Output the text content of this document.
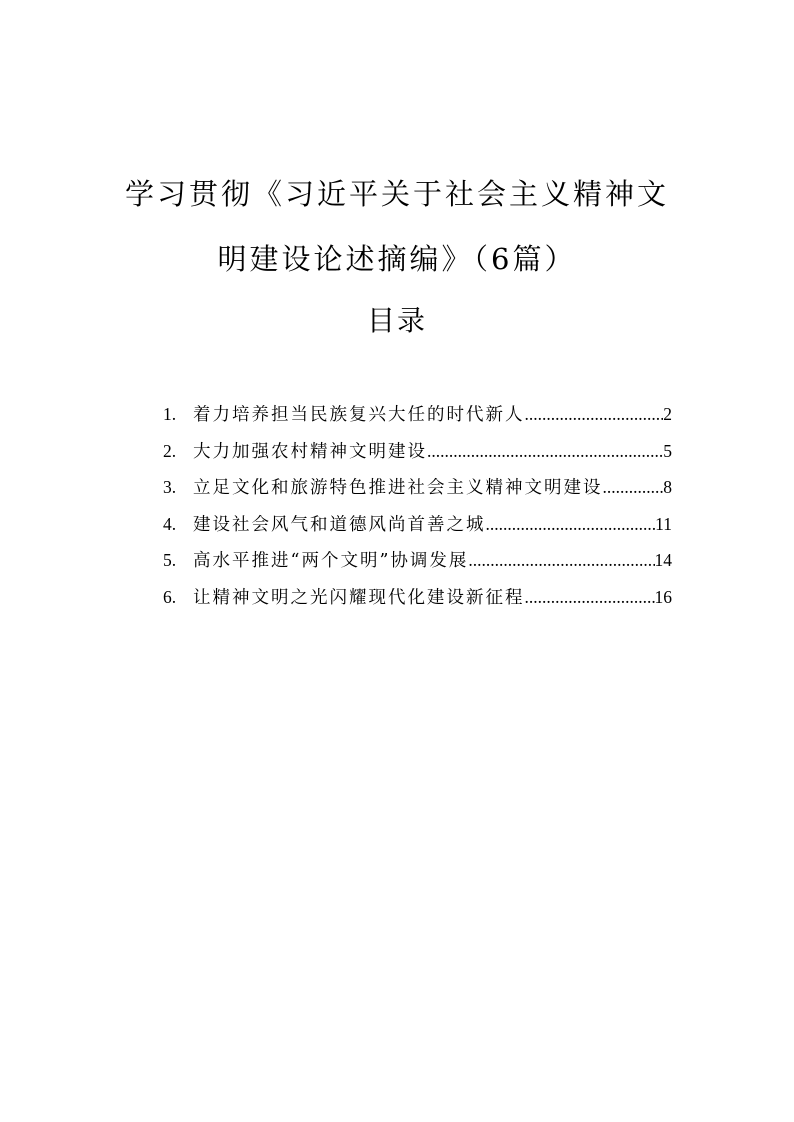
学习贯彻《习近平关于社会主义精神文
明建设论述摘编》（6篇）
目录
1. 着力培养担当民族复兴大任的时代新人 .....	2
2. 大力加强农村精神文明建设 .....	5
3. 立足文化和旅游特色推进社会主义精神文明建设 .....	8
4. 建设社会风气和道德风尚首善之城 .....	11
5. 高水平推进“两个文明”协调发展 .....	14
6. 让精神文明之光闪耀现代化建设新征程 .....	16
